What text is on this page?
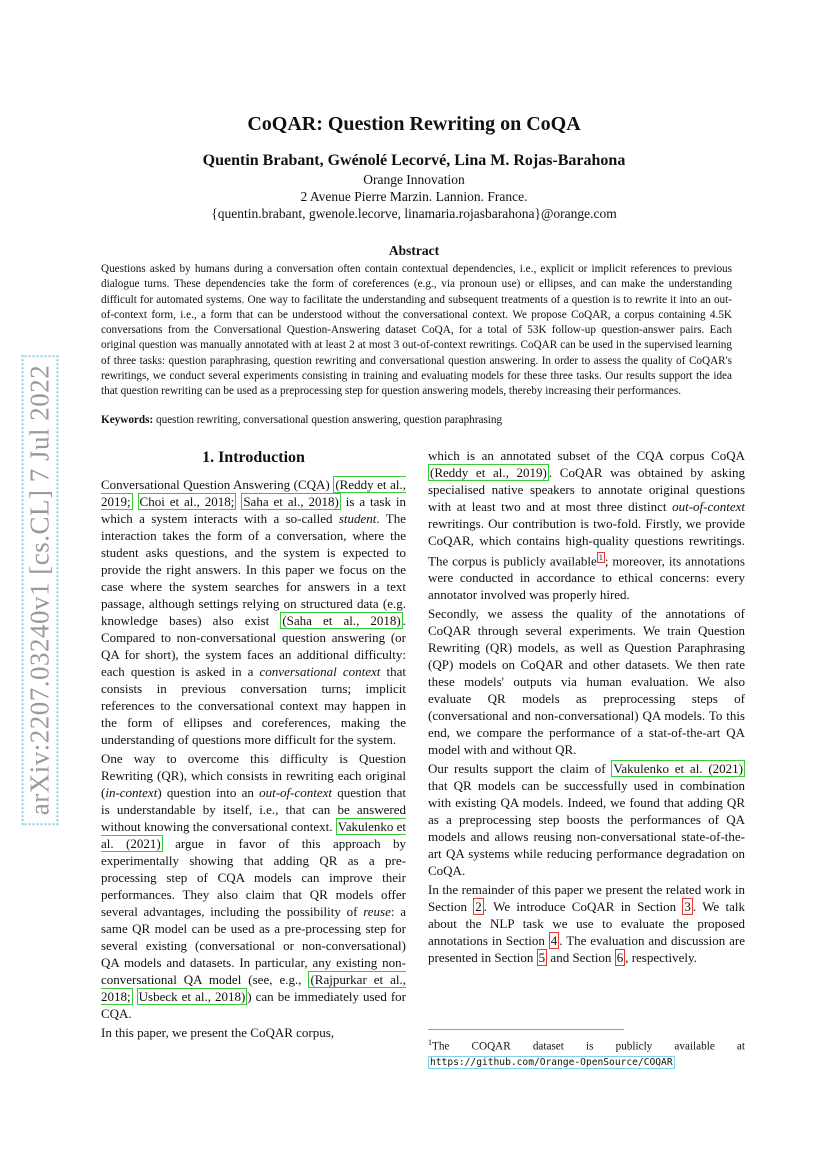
arXiv:2207.03240v1 [cs.CL] 7 Jul 2022
CoQAR: Question Rewriting on CoQA

Quentin Brabant, Gwénolé Lecorvé, Lina M. Rojas-Barahona

Orange Innovation

2 Avenue Pierre Marzin. Lannion. France.

{quentin.brabant, gwenole.lecorve, linamaria.rojasbarahona}@orange.com

Abstract

Questions asked by humans during a conversation often contain contextual dependencies, i.e., explicit or implicit references to previous dialogue turns. These dependencies take the form of coreferences (e.g., via pronoun use) or ellipses, and can make the understanding difficult for automated systems. One way to facilitate the understanding and subsequent treatments of a question is to rewrite it into an out-of-context form, i.e., a form that can be understood without the conversational context. We propose CoQAR, a corpus containing 4.5K conversations from the Conversational Question-Answering dataset CoQA, for a total of 53K follow-up question-answer pairs. Each original question was manually annotated with at least 2 at most 3 out-of-context rewritings. CoQAR can be used in the supervised learning of three tasks: question paraphrasing, question rewriting and conversational question answering. In order to assess the quality of CoQAR's rewritings, we conduct several experiments consisting in training and evaluating models for these three tasks. Our results support the idea that question rewriting can be used as a preprocessing step for question answering models, thereby increasing their performances.

Keywords: question rewriting, conversational question answering, question paraphrasing

1. Introduction

Conversational Question Answering (CQA) (Reddy et al., 2019; Choi et al., 2018; Saha et al., 2018) is a task in which a system interacts with a so-called student. The interaction takes the form of a conversation, where the student asks questions, and the system is expected to provide the right answers. In this paper we focus on the case where the system searches for answers in a text passage, although settings relying on structured data (e.g. knowledge bases) also exist (Saha et al., 2018) . Compared to non-conversational question answering (or QA for short), the system faces an additional difficulty: each question is asked in a conversational context that consists in previous conversation turns; implicit references to the conversational context may happen in the form of ellipses and coreferences, making the understanding of questions more difficult for the system.

One way to overcome this difficulty is Question Rewriting (QR), which consists in rewriting each original (in-context) question into an out-of-context question that is understandable by itself, i.e., that can be answered without knowing the conversational context. Vakulenko et al. (2021) argue in favor of this approach by experimentally showing that adding QR as a pre-processing step of CQA models can improve their performances. They also claim that QR models offer several advantages, including the possibility of reuse: a same QR model can be used as a pre-processing step for several existing (conversational or non-conversational) QA models and datasets. In particular, any existing non-conversational QA model (see, e.g., (Rajpurkar et al., 2018; Usbeck et al., 2018) ) can be immediately used for CQA.

In this paper, we present the CoQAR corpus,

which is an annotated subset of the CQA corpus CoQA (Reddy et al., 2019) . CoQAR was obtained by asking specialised native speakers to annotate original questions with at least two and at most three distinct out-of-context rewritings. Our contribution is two-fold. Firstly, we provide CoQAR, which contains high-quality questions rewritings. The corpus is publicly available $^1$ ; moreover, its annotations were conducted in accordance to ethical concerns: every annotator involved was properly hired.

Secondly, we assess the quality of the annotations of CoQAR through several experiments. We train Question Rewriting (QR) models, as well as Question Paraphrasing (QP) models on CoQAR and other datasets. We then rate these models' outputs via human evaluation. We also evaluate QR models as preprocessing steps of (conversational and non-conversational) QA models. To this end, we compare the performance of a stat-of-the-art QA model with and without QR.

Our results support the claim of Vakulenko et al. (2021) that QR models can be successfully used in combination with existing QA models. Indeed, we found that adding QR as a preprocessing step boosts the performances of QA models and allows reusing non-conversational state-of-the-art QA systems while reducing performance degradation on CoQA.

In the remainder of this paper we present the related work in Section 2 . We introduce CoQAR in Section 3 . We talk about the NLP task we use to evaluate the proposed annotations in Section 4 . The evaluation and discussion are presented in Section 5 and Section 6 , respectively.

$^1$The COQAR dataset is publicly available at https://github.com/Orange-OpenSource/COQAR
